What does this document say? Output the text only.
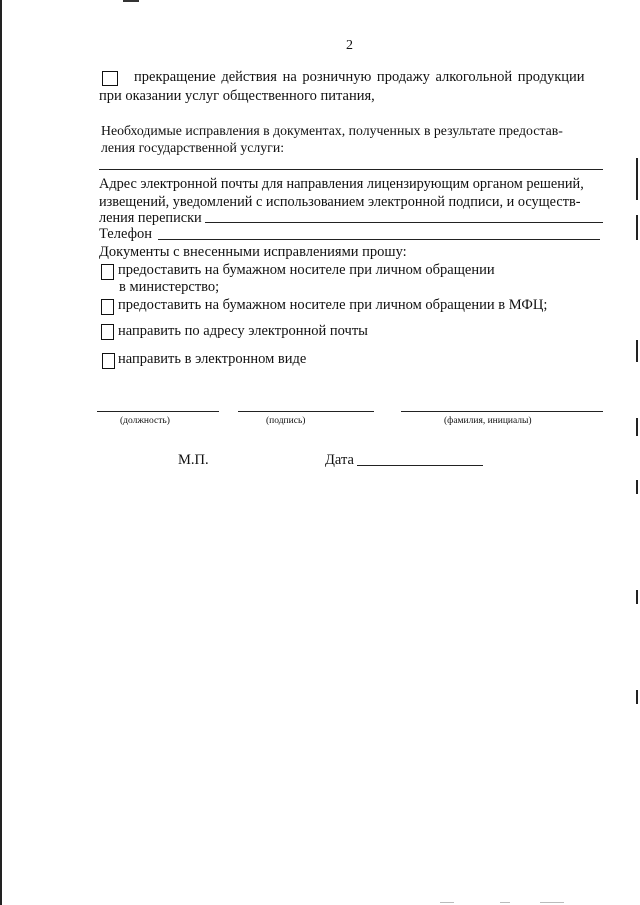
2
прекращение действия на розничную продажу алкогольной продукции
при оказании услуг общественного питания,
Необходимые исправления в документах, полученных в результате предостав-
ления государственной услуги:
Адрес электронной почты для направления лицензирующим органом решений,
извещений, уведомлений с использованием электронной подписи, и осуществ-
ления переписки
Телефон
Документы с внесенными исправлениями прошу:
предоставить на бумажном носителе при личном обращении
в министерство;
предоставить на бумажном носителе при личном обращении в МФЦ;
направить по адресу электронной почты
направить в электронном виде
(должность)	(подпись)	(фамилия, инициалы)
М.П.	Дата
